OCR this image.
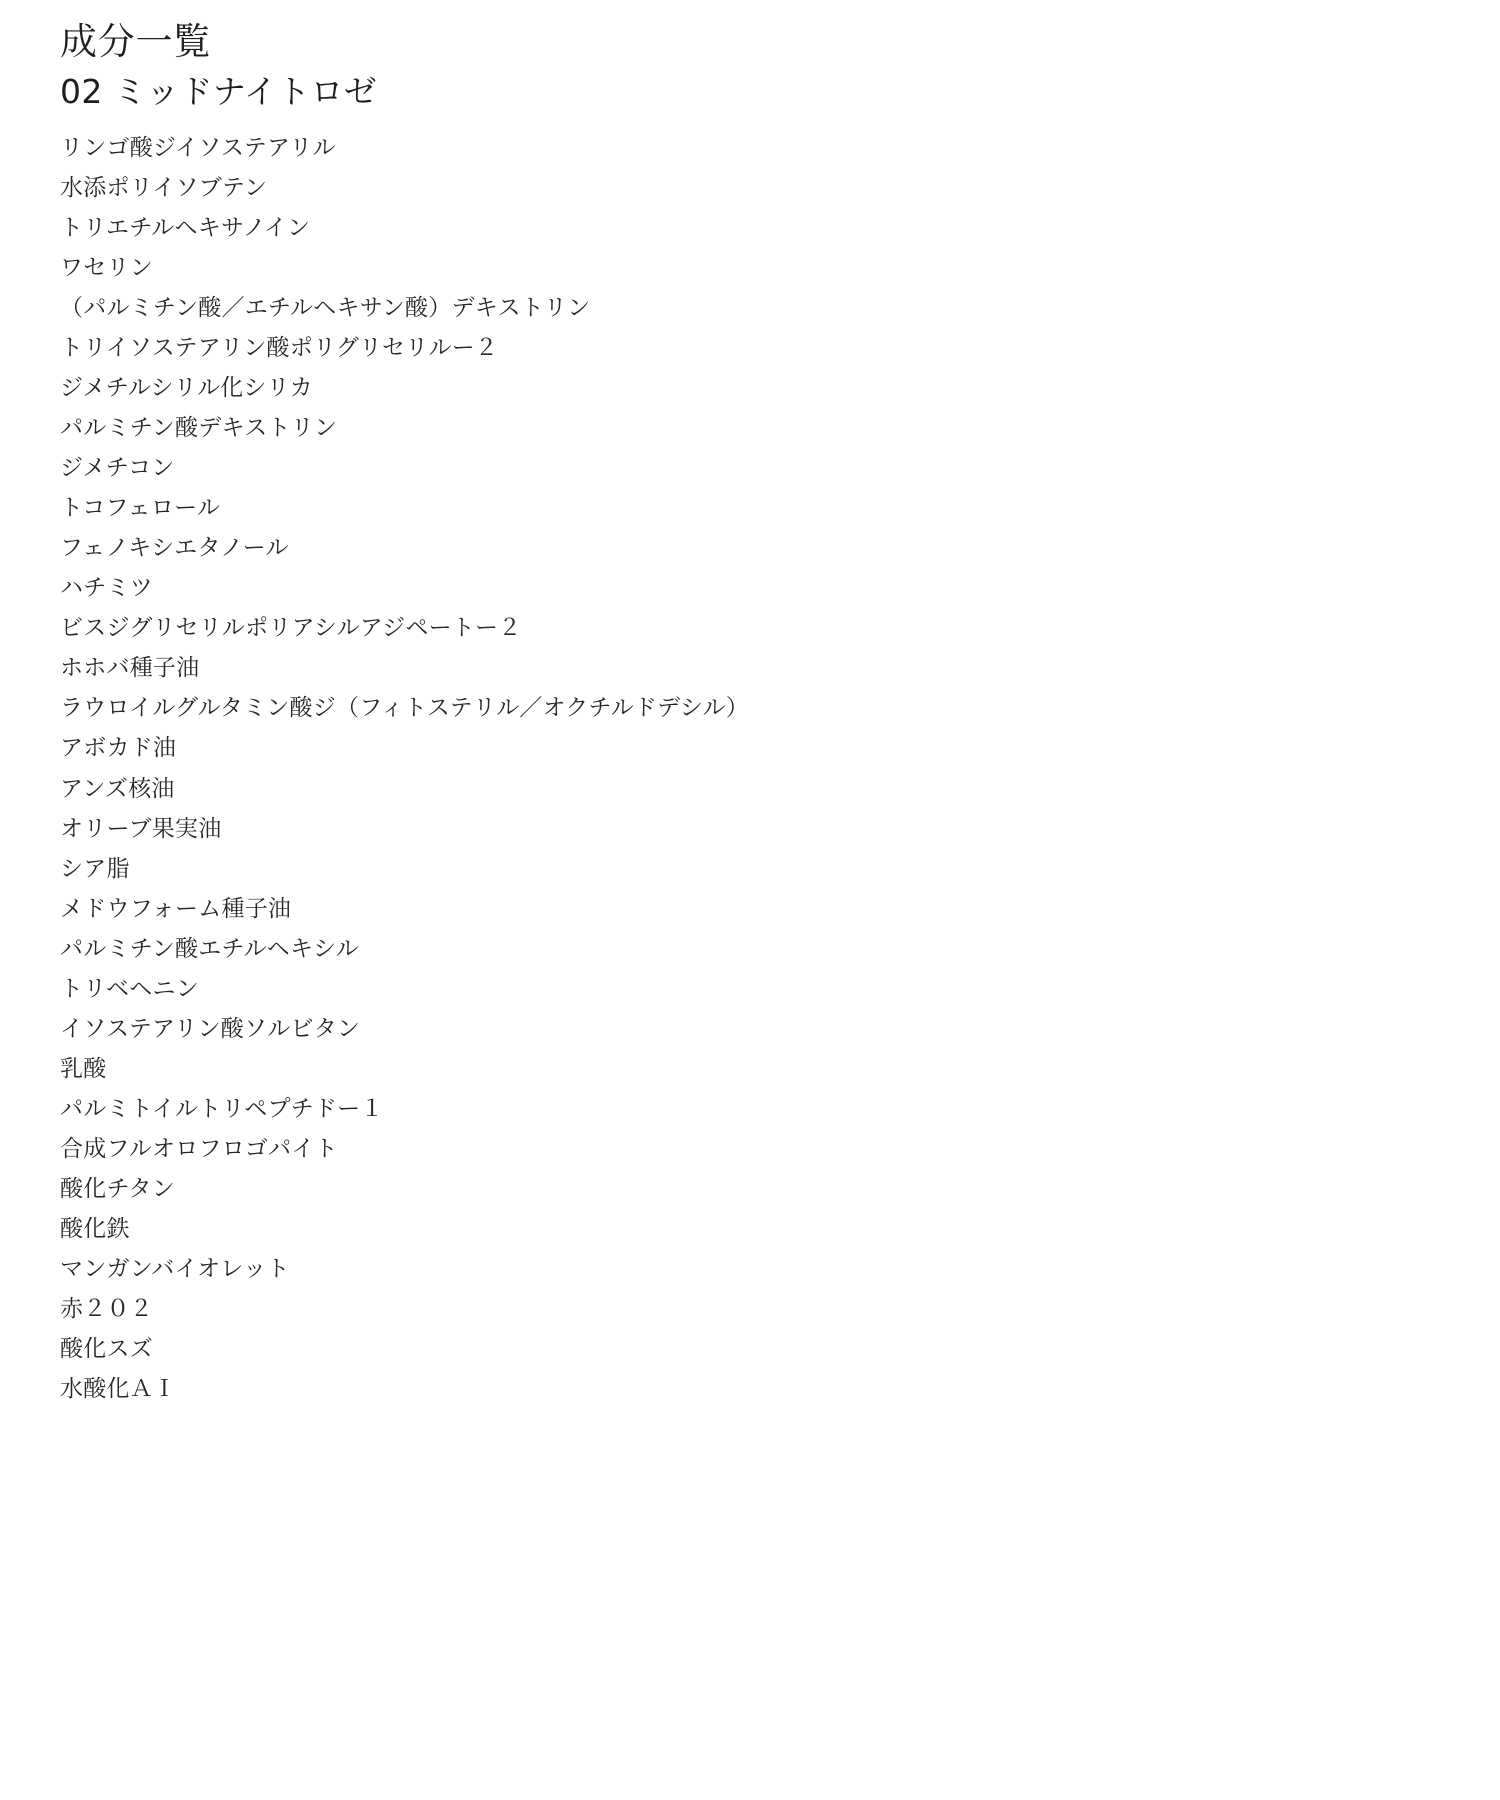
成分一覧
02 ミッドナイトロゼ
リンゴ酸ジイソステアリル
水添ポリイソブテン
トリエチルヘキサノイン
ワセリン
（パルミチン酸／エチルヘキサン酸）デキストリン
トリイソステアリン酸ポリグリセリルー２
ジメチルシリル化シリカ
パルミチン酸デキストリン
ジメチコン
トコフェロール
フェノキシエタノール
ハチミツ
ビスジグリセリルポリアシルアジペートー２
ホホバ種子油
ラウロイルグルタミン酸ジ（フィトステリル／オクチルドデシル）
アボカド油
アンズ核油
オリーブ果実油
シア脂
メドウフォーム種子油
パルミチン酸エチルヘキシル
トリベヘニン
イソステアリン酸ソルビタン
乳酸
パルミトイルトリペプチドー１
合成フルオロフロゴパイト
酸化チタン
酸化鉄
マンガンバイオレット
赤２０２
酸化スズ
水酸化ＡＩ
